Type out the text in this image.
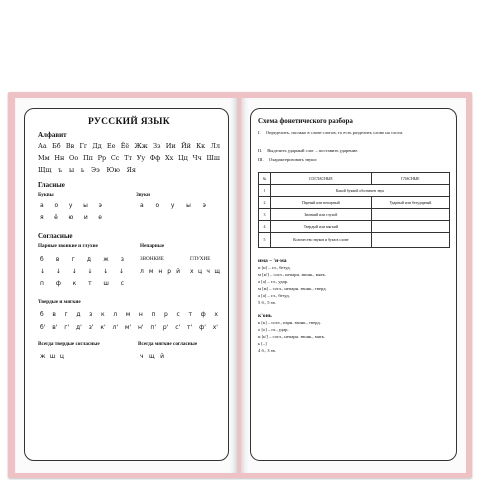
РУССКИЙ ЯЗЫК
Алфавит
Аа Бб Вв Гг Дд Ее Ёё Жж Зз Ии Йй Кк Лл
Мм Нн Оо Пп Рр Сс Тт Уу Фф Хх Цц Чч Шш
Щщ ъ ы ь Ээ Юю Яя
Гласные
Буквы	Звуки
а о у ы э
я ё ю и е
а о у ы э
Согласные
Парные звонкие и глухие	Непарные
б в г д ж з
↓ ↓ ↓ ↓ ↓ ↓
п ф к т ш с
ЗВОНКИЕ	ГЛУХИЕ
л м н р й х ц ч щ
Твердые и мягкие
б в г д з к л м н п р с т ф х
б' в' г' д' з' к' л' м' н' п' р' с' т' ф' х'
Всегда твердые согласные	Всегда мягкие согласные
ж ш ц	ч щ й
Схема фонетического разбора
I. Определить, сколько в слове слогов, то есть разделить слово на слоги.
II. Выделить ударный слог – поставить ударение.
III. Охарактеризовать звуки:
№	СОГЛАСНЫЕ	ГЛАСНЫЕ
1	Какой буквой обозначен звук	
2	Парный или непарный	Ударный или безударный
3	Звонкий или глухой	
4	Твердый или мягкий	
5	Количество звуков и букв в слове	
има – 'и-ма
и [и] – гл., безуд.
м [м'] – согл., непарн. звонк., мягк.
а [а] – гл., удар.
м [м] – согл., непарн. звонк., тверд.
а [а] – гл., безуд.
5 б., 5 зв.
к'онь
к [к] – согл., парн. звонк., тверд.
о [о] – гл., удар.
н [н'] – согл., непарн. звонк., мягк.
ь [–]
4 б., 3 зв.
